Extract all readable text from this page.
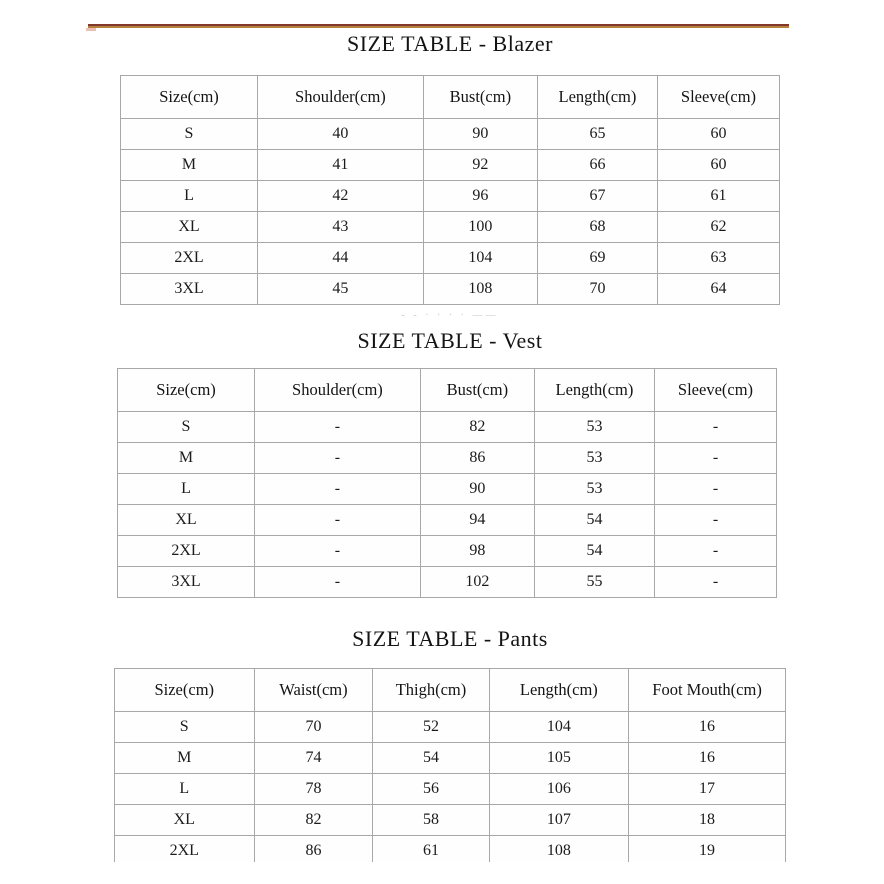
SIZE TABLE - Blazer
Size(cm)	Shoulder(cm)	Bust(cm)	Length(cm)	Sleeve(cm)
S	40	90	65	60
M	41	92	66	60
L	42	96	67	61
XL	43	100	68	62
2XL	44	104	69	63
3XL	45	108	70	64
- - · · · · ——
SIZE TABLE - Vest
Size(cm)	Shoulder(cm)	Bust(cm)	Length(cm)	Sleeve(cm)
S	-	82	53	-
M	-	86	53	-
L	-	90	53	-
XL	-	94	54	-
2XL	-	98	54	-
3XL	-	102	55	-
SIZE TABLE - Pants
Size(cm)	Waist(cm)	Thigh(cm)	Length(cm)	Foot Mouth(cm)
S	70	52	104	16
M	74	54	105	16
L	78	56	106	17
XL	82	58	107	18
2XL	86	61	108	19
